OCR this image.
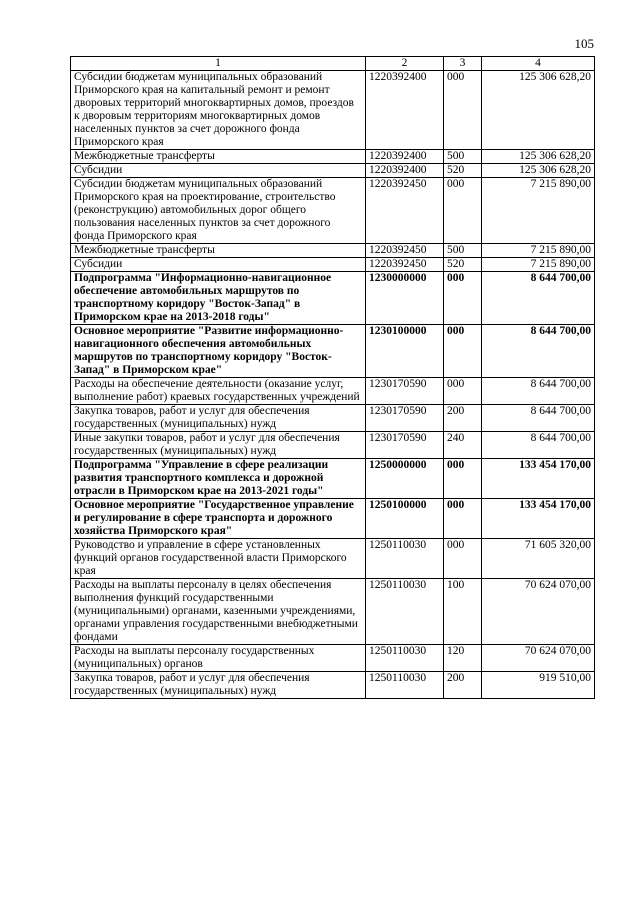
105
1	2	3	4
Субсидии бюджетам муниципальных образований Приморского края на капитальный ремонт и ремонт дворовых территорий многоквартирных домов, проездов к дворовым территориям многоквартирных домов населенных пунктов за счет дорожного фонда Приморского края	1220392400	000	125 306 628,20
Межбюджетные трансферты	1220392400	500	125 306 628,20
Субсидии	1220392400	520	125 306 628,20
Субсидии бюджетам муниципальных образований Приморского края на проектирование, строительство (реконструкцию) автомобильных дорог общего пользования населенных пунктов за счет дорожного фонда Приморского края	1220392450	000	7 215 890,00
Межбюджетные трансферты	1220392450	500	7 215 890,00
Субсидии	1220392450	520	7 215 890,00
Подпрограмма "Информационно-навигационное обеспечение автомобильных маршрутов по транспортному коридору "Восток-Запад" в Приморском крае на 2013-2018 годы"	1230000000	000	8 644 700,00
Основное мероприятие "Развитие информационно-навигационного обеспечения автомобильных маршрутов по транспортному коридору "Восток-Запад" в Приморском крае"	1230100000	000	8 644 700,00
Расходы на обеспечение деятельности (оказание услуг, выполнение работ) краевых государственных учреждений	1230170590	000	8 644 700,00
Закупка товаров, работ и услуг для обеспечения государственных (муниципальных) нужд	1230170590	200	8 644 700,00
Иные закупки товаров, работ и услуг для обеспечения государственных (муниципальных) нужд	1230170590	240	8 644 700,00
Подпрограмма "Управление в сфере реализации развития транспортного комплекса и дорожной отрасли в Приморском крае на 2013-2021 годы"	1250000000	000	133 454 170,00
Основное мероприятие "Государственное управление и регулирование в сфере транспорта и дорожного хозяйства Приморского края"	1250100000	000	133 454 170,00
Руководство и управление в сфере установленных функций органов государственной власти Приморского края	1250110030	000	71 605 320,00
Расходы на выплаты персоналу в целях обеспечения выполнения функций государственными (муниципальными) органами, казенными учреждениями, органами управления государственными внебюджетными фондами	1250110030	100	70 624 070,00
Расходы на выплаты персоналу государственных (муниципальных) органов	1250110030	120	70 624 070,00
Закупка товаров, работ и услуг для обеспечения государственных (муниципальных) нужд	1250110030	200	919 510,00
